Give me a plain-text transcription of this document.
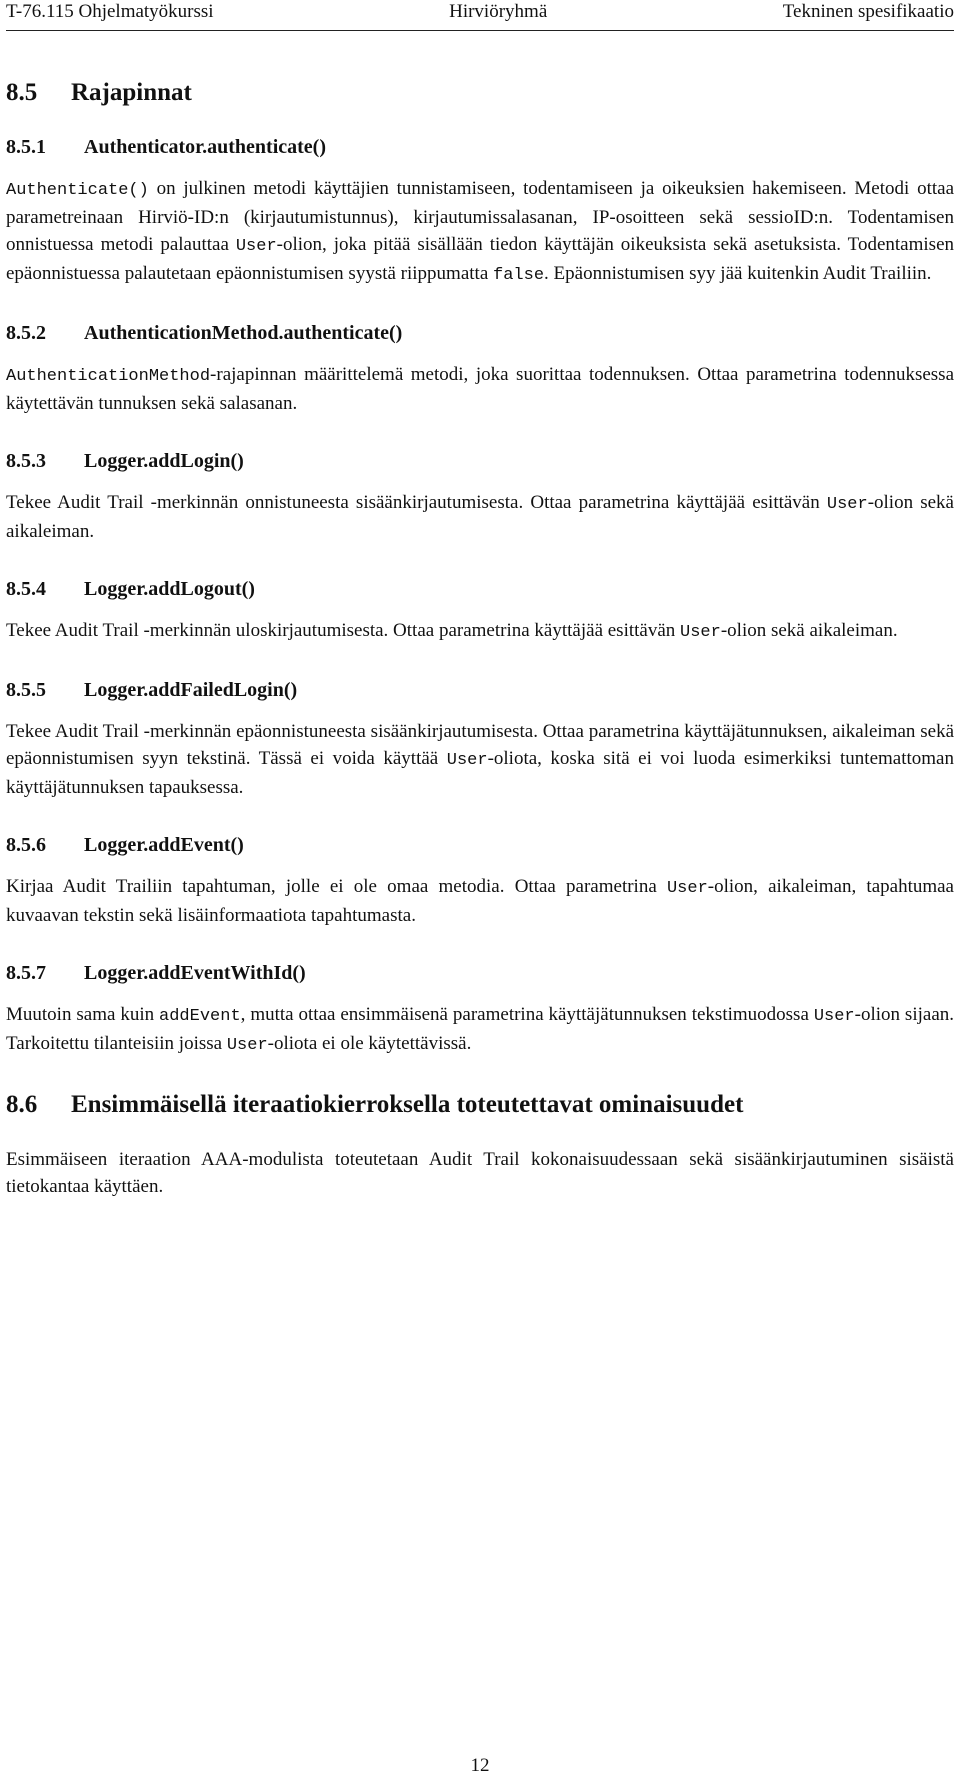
T-76.115 Ohjelmatyökurssi	Hirviöryhmä	Tekninen spesifikaatio
8.5 Rajapinnat
8.5.1 Authenticator.authenticate()

Authenticate() on julkinen metodi käyttäjien tunnistamiseen, todentamiseen ja oikeuksien hakemiseen. Metodi ottaa parametreinaan Hirviö-ID:n (kirjautumistunnus), kirjautumissalasanan, IP-osoitteen sekä sessioID:n. Todentamisen onnistuessa metodi palauttaa User-olion, joka pitää sisällään tiedon käyttäjän oikeuksista sekä asetuksista. Todentamisen epäonnistuessa palautetaan epäonnistumisen syystä riippumatta false. Epäonnistumisen syy jää kuitenkin Audit Trailiin.

8.5.2 AuthenticationMethod.authenticate()

AuthenticationMethod-rajapinnan määrittelemä metodi, joka suorittaa todennuksen. Ottaa parametrina todennuksessa käytettävän tunnuksen sekä salasanan.

8.5.3 Logger.addLogin()

Tekee Audit Trail -merkinnän onnistuneesta sisäänkirjautumisesta. Ottaa parametrina käyttäjää esittävän User-olion sekä aikaleiman.

8.5.4 Logger.addLogout()

Tekee Audit Trail -merkinnän uloskirjautumisesta. Ottaa parametrina käyttäjää esittävän User-olion sekä aikaleiman.

8.5.5 Logger.addFailedLogin()

Tekee Audit Trail -merkinnän epäonnistuneesta sisäänkirjautumisesta. Ottaa parametrina käyttäjätunnuksen, aikaleiman sekä epäonnistumisen syyn tekstinä. Tässä ei voida käyttää User-oliota, koska sitä ei voi luoda esimerkiksi tuntemattoman käyttäjätunnuksen tapauksessa.

8.5.6 Logger.addEvent()

Kirjaa Audit Trailiin tapahtuman, jolle ei ole omaa metodia. Ottaa parametrina User-olion, aikaleiman, tapahtumaa kuvaavan tekstin sekä lisäinformaatiota tapahtumasta.

8.5.7 Logger.addEventWithId()

Muutoin sama kuin addEvent, mutta ottaa ensimmäisenä parametrina käyttäjätunnuksen tekstimuodossa User-olion sijaan. Tarkoitettu tilanteisiin joissa User-oliota ei ole käytettävissä.

8.6 Ensimmäisellä iteraatiokierroksella toteutettavat ominaisuudet

Esimmäiseen iteraation AAA-modulista toteutetaan Audit Trail kokonaisuudessaan sekä sisäänkirjautuminen sisäistä tietokantaa käyttäen.

12
